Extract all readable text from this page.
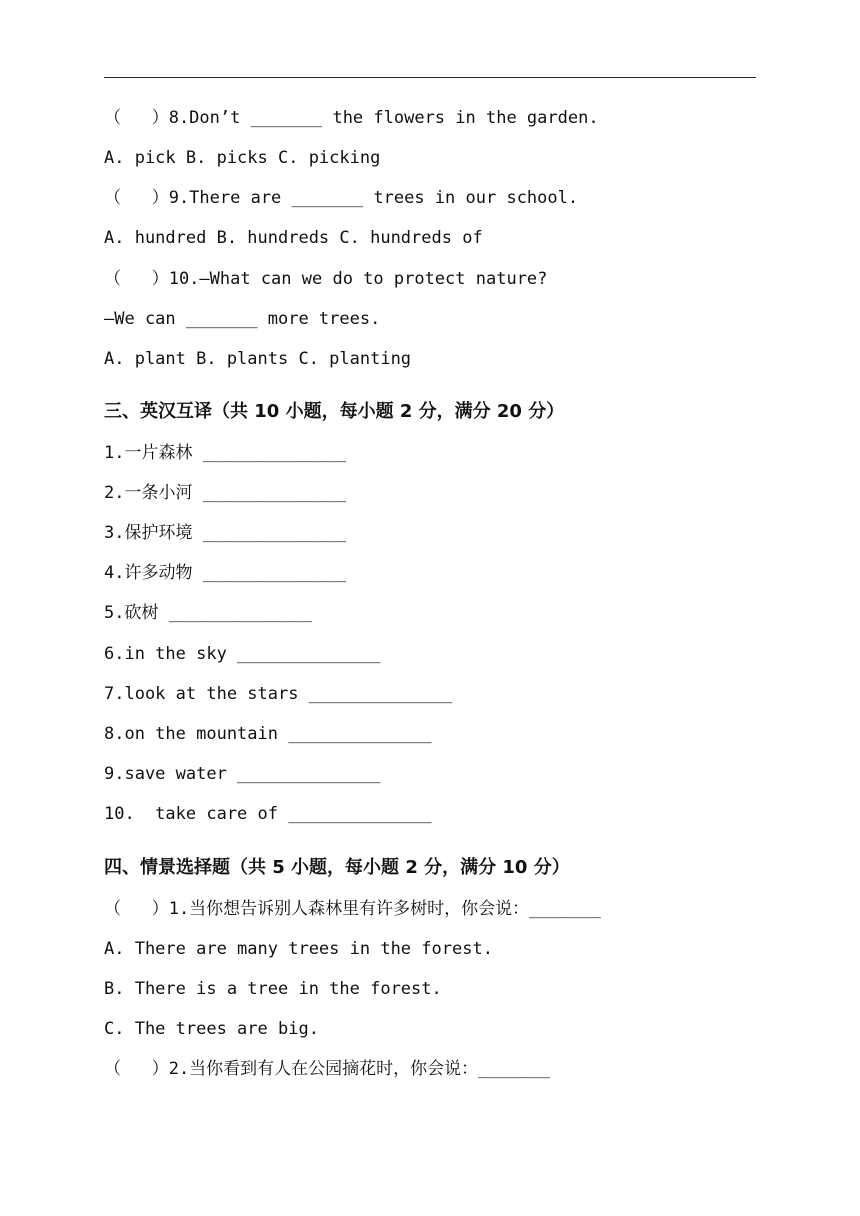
（   ）8.Don’t _______ the flowers in the garden.
A. pick B. picks C. picking
（   ）9.There are _______ trees in our school.
A. hundred B. hundreds C. hundreds of
（   ）10.—What can we do to protect nature?
—We can _______ more trees.
A. plant B. plants C. planting
三、英汉互译（共 10 小题，每小题 2 分，满分 20 分）
1.一片森林 ______________
2.一条小河 ______________
3.保护环境 ______________
4.许多动物 ______________
5.砍树 ______________
6.in the sky ______________
7.look at the stars ______________
8.on the mountain ______________
9.save water ______________
10.  take care of ______________
四、情景选择题（共 5 小题，每小题 2 分，满分 10 分）
（   ）1.当你想告诉别人森林里有许多树时，你会说：_______
A. There are many trees in the forest.
B. There is a tree in the forest.
C. The trees are big.
（   ）2.当你看到有人在公园摘花时，你会说：_______
